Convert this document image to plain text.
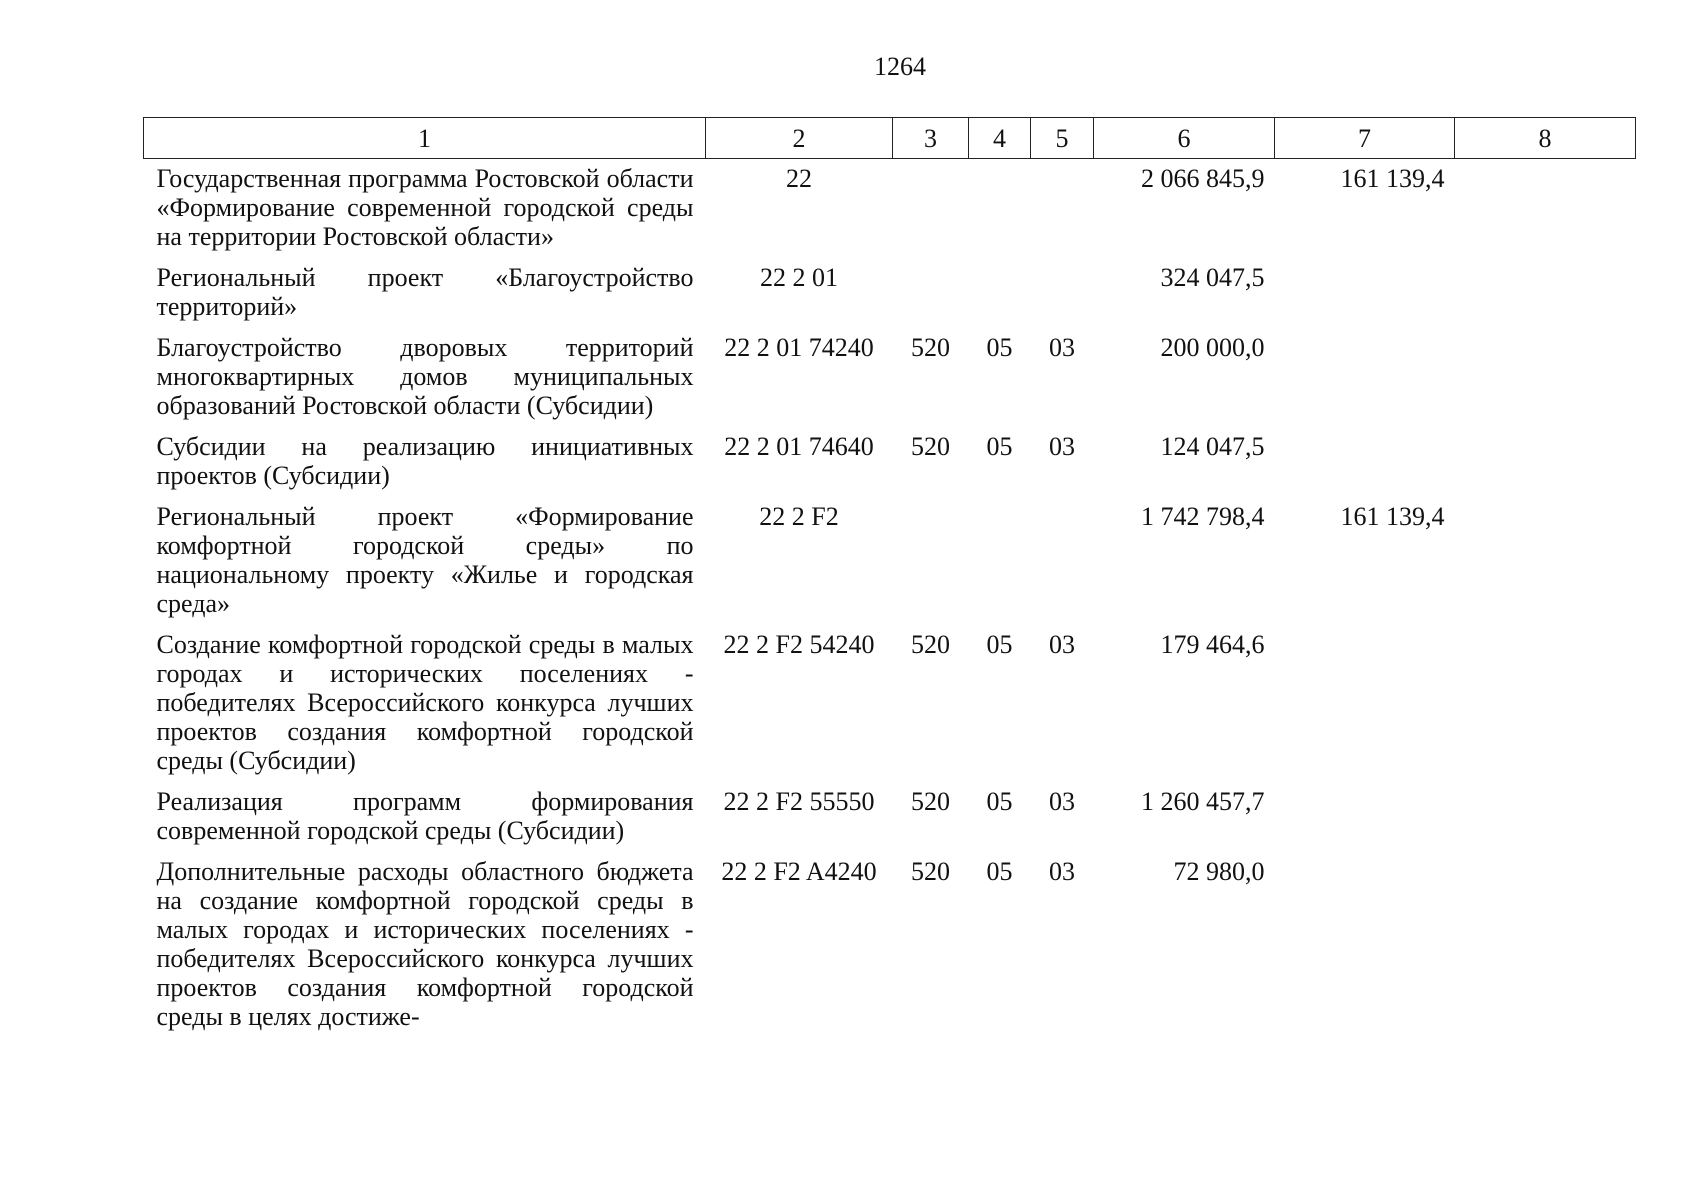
1264
1	2	3	4	5	6	7	8
Государственная программа Ростовской области «Формирование современной городской среды на территории Ростовской области»	22				2 066 845,9	161 139,4	
Региональный проект «Благоустройство территорий»	22 2 01				324 047,5		
Благоустройство дворовых территорий многоквартирных домов муниципальных образований Ростовской области (Субсидии)	22 2 01 74240	520	05	03	200 000,0		
Субсидии на реализацию инициативных проектов (Субсидии)	22 2 01 74640	520	05	03	124 047,5		
Региональный проект «Формирование комфортной городской среды» по национальному проекту «Жилье и городская среда»	22 2 F2				1 742 798,4	161 139,4	
Создание комфортной городской среды в малых городах и исторических поселениях - победителях Всероссийского конкурса лучших проектов создания комфортной городской среды (Субсидии)	22 2 F2 54240	520	05	03	179 464,6		
Реализация программ формирования современной городской среды (Субсидии)	22 2 F2 55550	520	05	03	1 260 457,7		
Дополнительные расходы областного бюджета на создание комфортной городской среды в малых городах и исторических поселениях - победителях Всероссийского конкурса лучших проектов создания комфортной городской среды в целях достиже-	22 2 F2 A4240	520	05	03	72 980,0		
